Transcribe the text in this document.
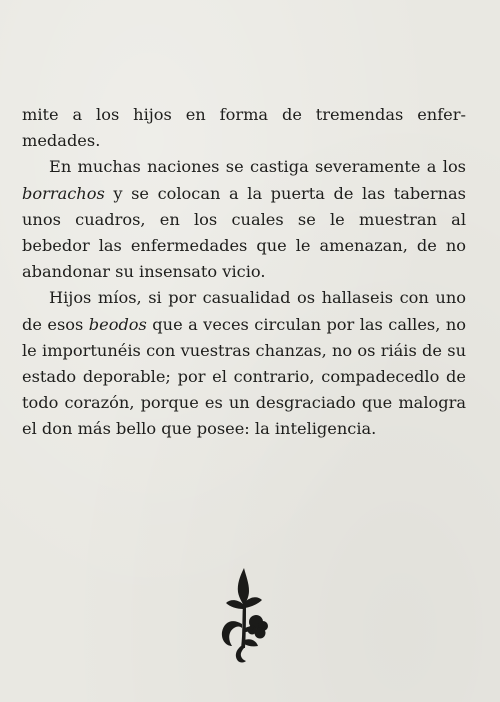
mite a los hijos en forma de tremendas enfermedades.

En muchas naciones se castiga severamente a los borrachos y se colocan a la puerta de las tabernas unos cuadros, en los cuales se le muestran al bebedor las enfermedades que le amenazan, de no abandonar su insensato vicio.

Hijos míos, si por casualidad os hallaseis con uno de esos beodos que a veces circulan por las calles, no le importunéis con vuestras chanzas, no os riáis de su estado deporable; por el contrario, compadecedlo de todo corazón, porque es un desgraciado que malogra el don más bello que posee: la inteligencia.
